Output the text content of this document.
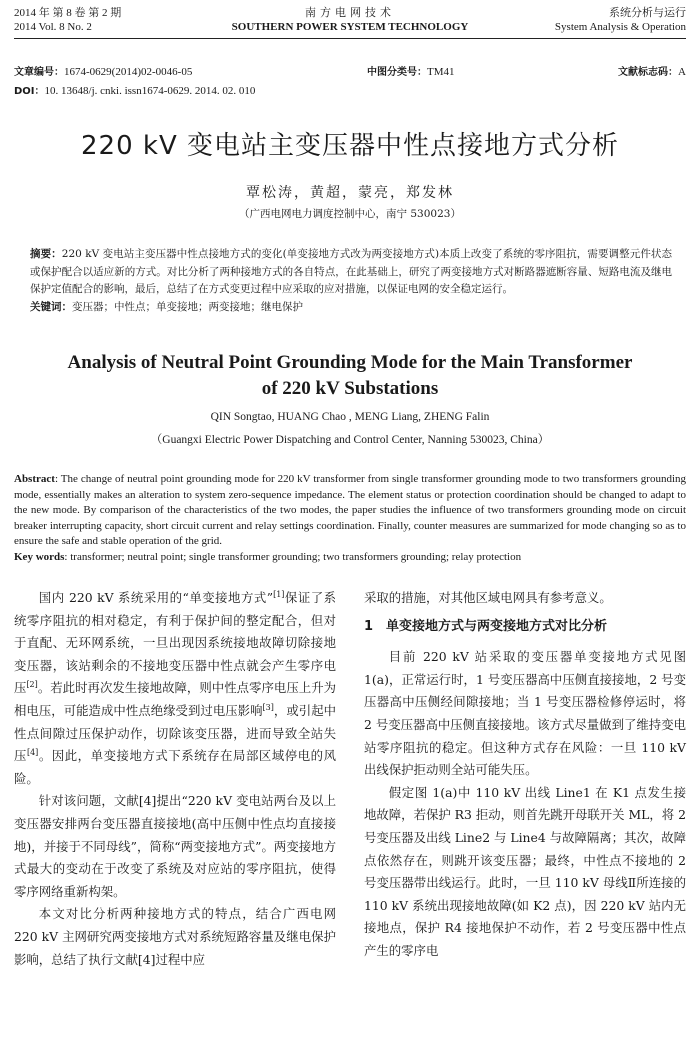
2014 年 第 8 卷 第 2 期
2014 Vol. 8 No. 2
南方电网技术
SOUTHERN POWER SYSTEM TECHNOLOGY
系统分析与运行
System Analysis & Operation
文章编号：1674-0629(2014)02-0046-05	中图分类号：TM41	文献标志码：A
DOI：10. 13648/j. cnki. issn1674-0629. 2014. 02. 010
220 kV 变电站主变压器中性点接地方式分析
覃松涛，黄超，蒙亮，郑发林
（广西电网电力调度控制中心，南宁 530023）
摘要：220 kV 变电站主变压器中性点接地方式的变化(单变接地方式改为两变接地方式)本质上改变了系统的零序阻抗，需要调整元件状态或保护配合以适应新的方式。对比分析了两种接地方式的各自特点，在此基础上，研究了两变接地方式对断路器遮断容量、短路电流及继电保护定值配合的影响，最后，总结了在方式变更过程中应采取的应对措施，以保证电网的安全稳定运行。
关键词：变压器；中性点；单变接地；两变接地；继电保护
Analysis of Neutral Point Grounding Mode for the Main Transformer
of 220 kV Substations
QIN Songtao, HUANG Chao , MENG Liang, ZHENG Falin
（Guangxi Electric Power Dispatching and Control Center, Nanning 530023, China）
Abstract: The change of neutral point grounding mode for 220 kV transformer from single transformer grounding mode to two transformers grounding mode, essentially makes an alteration to system zero-sequence impedance. The element status or protection coordination should be changed to adapt to the new mode. By comparison of the characteristics of the two modes, the paper studies the influence of two transformers grounding mode on circuit breaker interrupting capacity, short circuit current and relay settings coordination. Finally, counter measures are summarized for mode changing so as to ensure the safe and stable operation of the grid.
Key words: transformer; neutral point; single transformer grounding; two transformers grounding; relay protection

国内 220 kV 系统采用的“单变接地方式”[1]保证了系统零序阻抗的相对稳定，有利于保护间的整定配合，但对于直配、无环网系统，一旦出现因系统接地故障切除接地变压器，该站剩余的不接地变压器中性点就会产生零序电压[2]。若此时再次发生接地故障，则中性点零序电压上升为相电压，可能造成中性点绝缘受到过电压影响[3]，或引起中性点间隙过压保护动作，切除该变压器，进而导致全站失压[4]。因此，单变接地方式下系统存在局部区域停电的风险。

针对该问题，文献[4]提出“220 kV 变电站两台及以上变压器安排两台变压器直接接地(高中压侧中性点均直接接地)，并接于不同母线”，简称“两变接地方式”。两变接地方式最大的变动在于改变了系统及对应站的零序阻抗，使得零序网络重新构架。

本文对比分析两种接地方式的特点，结合广西电网 220 kV 主网研究两变接地方式对系统短路容量及继电保护影响，总结了执行文献[4]过程中应

采取的措施，对其他区域电网具有参考意义。

1　单变接地方式与两变接地方式对比分析

目前 220 kV 站采取的变压器单变接地方式见图 1(a)，正常运行时，1 号变压器高中压侧直接接地，2 号变压器高中压侧经间隙接地；当 1 号变压器检修停运时，将 2 号变压器高中压侧直接接地。该方式尽量做到了维持变电站零序阻抗的稳定。但这种方式存在风险：一旦 110 kV 出线保护拒动则全站可能失压。

假定图 1(a)中 110 kV 出线 Line1 在 K1 点发生接地故障，若保护 R3 拒动，则首先跳开母联开关 ML，将 2 号变压器及出线 Line2 与 Line4 与故障隔离；其次，故障点依然存在，则跳开该变压器；最终，中性点不接地的 2 号变压器带出线运行。此时，一旦 110 kV 母线Ⅱ所连接的 110 kV 系统出现接地故障(如 K2 点)，因 220 kV 站内无接地点，保护 R4 接地保护不动作，若 2 号变压器中性点产生的零序电
